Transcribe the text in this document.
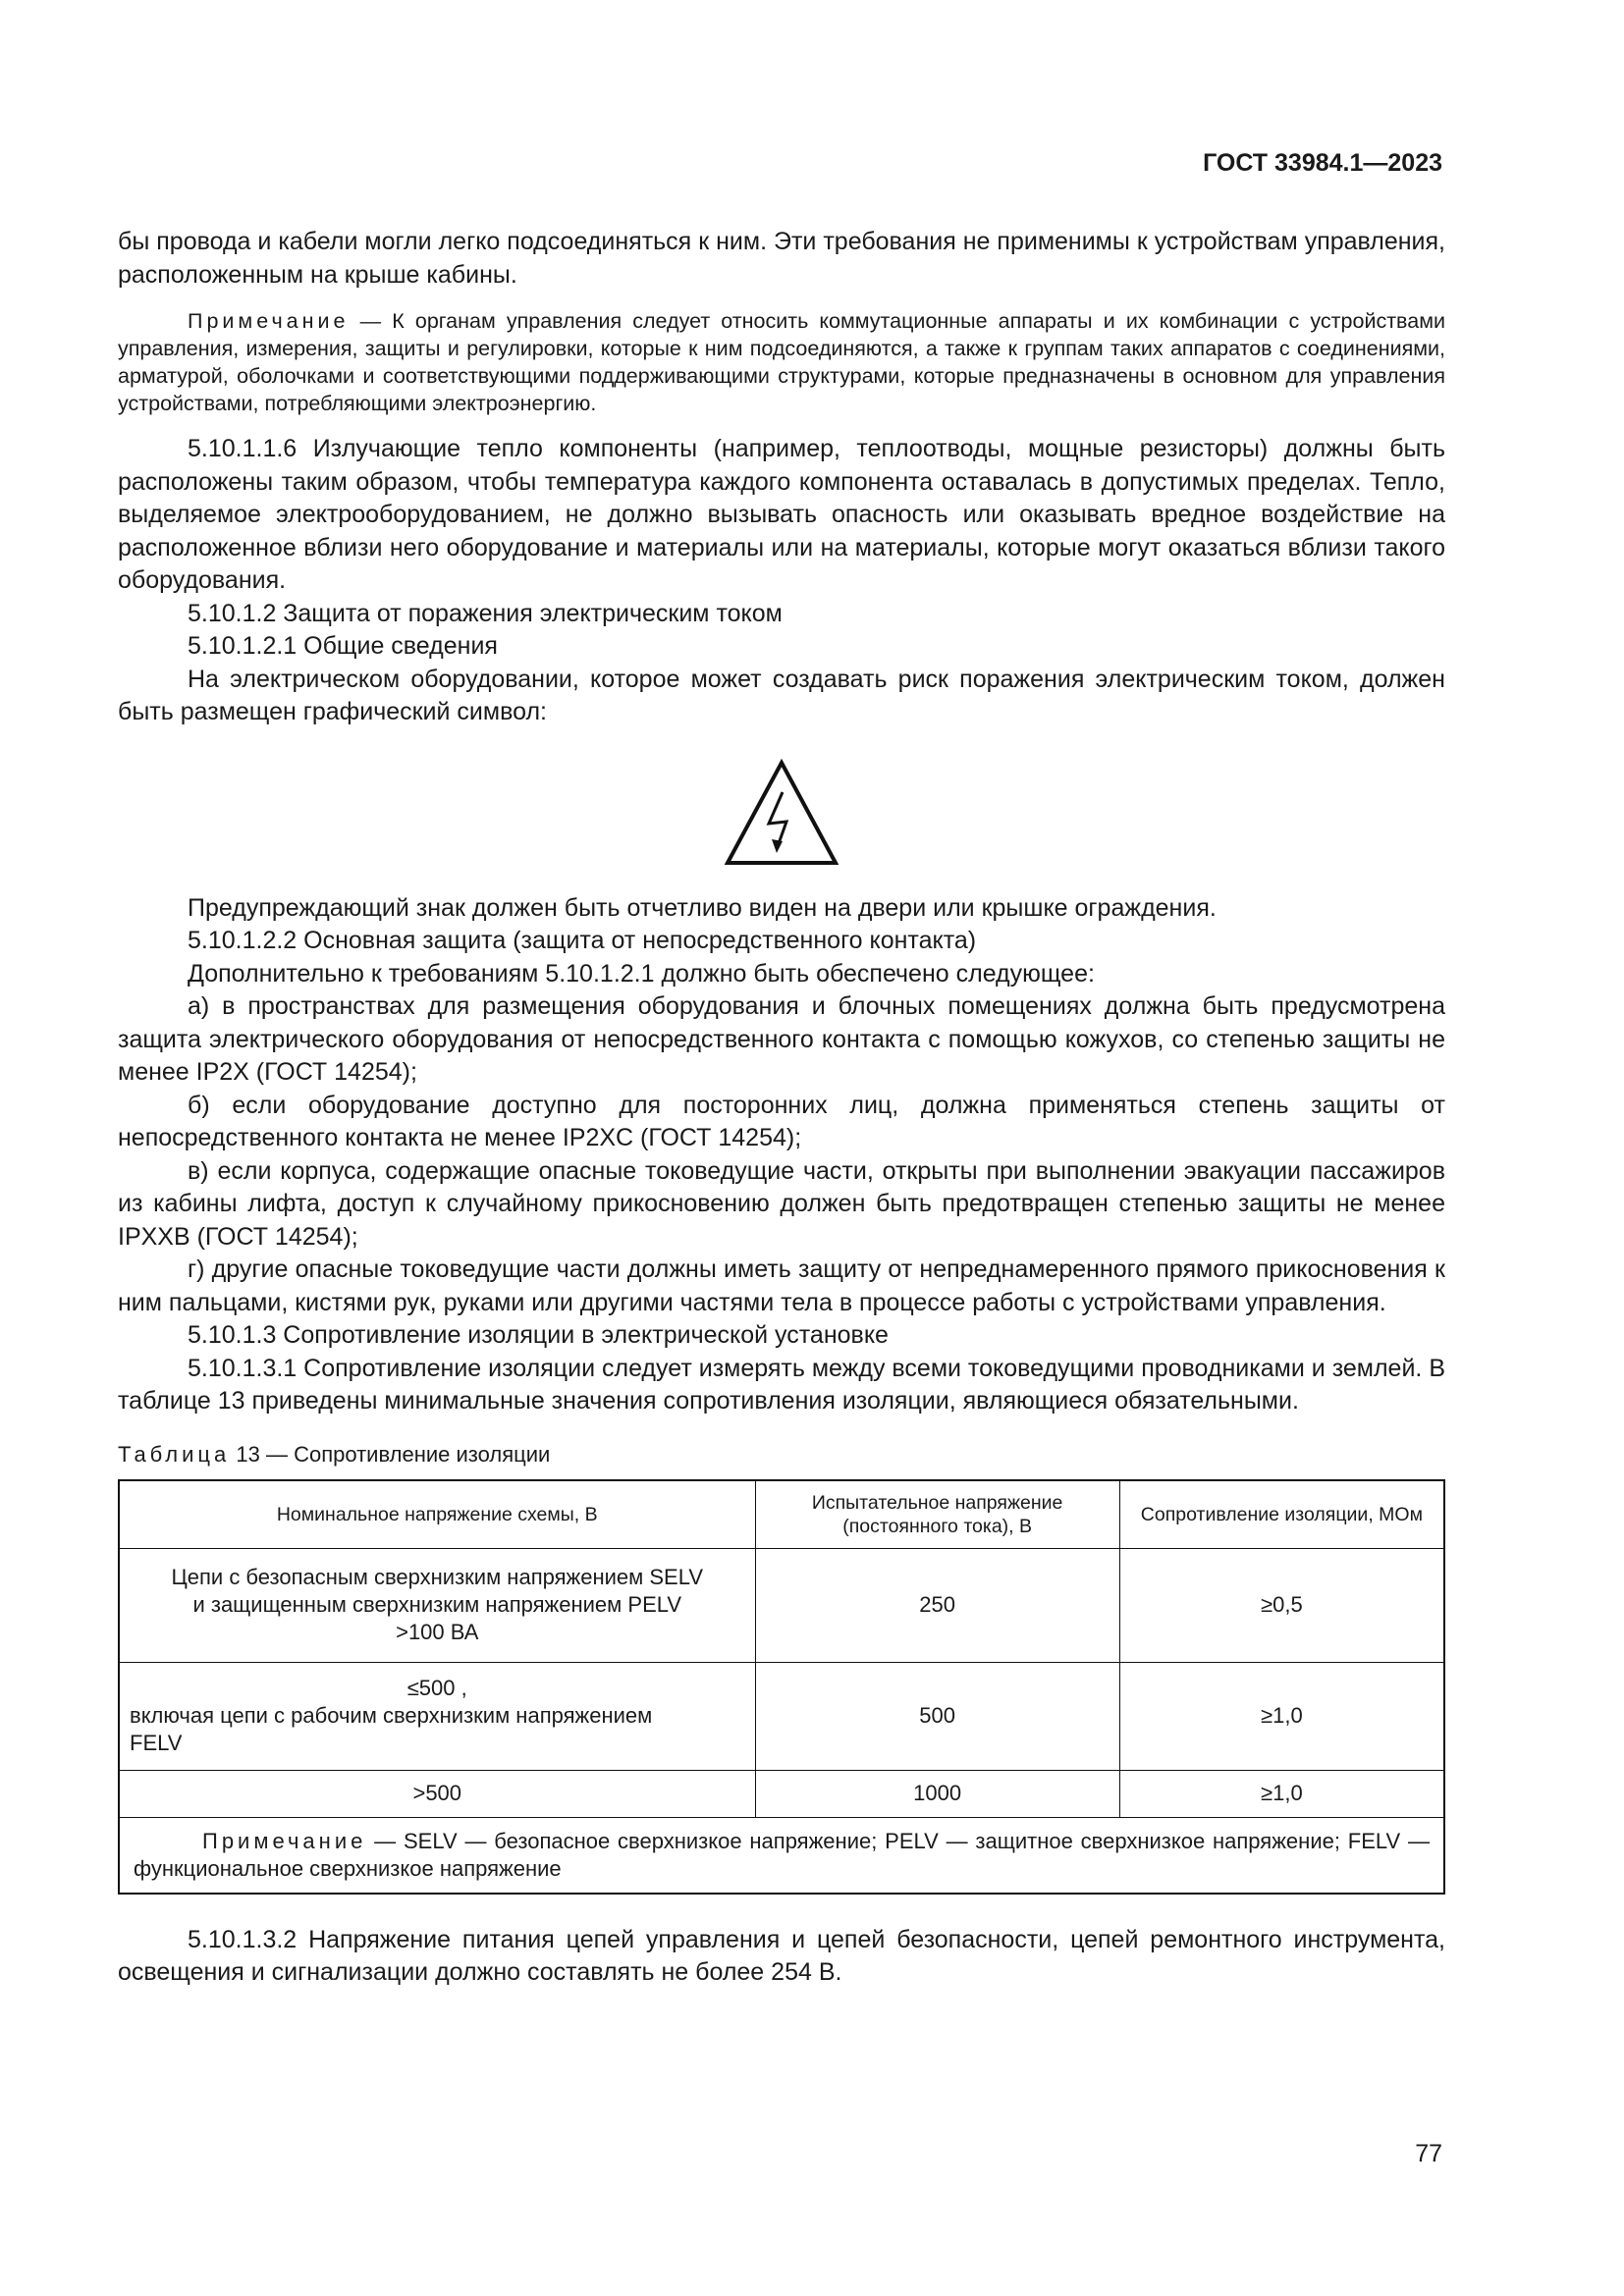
ГОСТ 33984.1—2023

бы провода и кабели могли легко подсоединяться к ним. Эти требования не применимы к устройствам управления, расположенным на крыше кабины.

Примечание — К органам управления следует относить коммутационные аппараты и их комбинации с устройствами управления, измерения, защиты и регулировки, которые к ним подсоединяются, а также к группам таких аппаратов с соединениями, арматурой, оболочками и соответствующими поддерживающими структурами, которые предназначены в основном для управления устройствами, потребляющими электроэнергию.

5.10.1.1.6 Излучающие тепло компоненты (например, теплоотводы, мощные резисторы) должны быть расположены таким образом, чтобы температура каждого компонента оставалась в допустимых пределах. Тепло, выделяемое электрооборудованием, не должно вызывать опасность или оказывать вредное воздействие на расположенное вблизи него оборудование и материалы или на материалы, которые могут оказаться вблизи такого оборудования.

5.10.1.2 Защита от поражения электрическим током

5.10.1.2.1 Общие сведения

На электрическом оборудовании, которое может создавать риск поражения электрическим током, должен быть размещен графический символ:

Предупреждающий знак должен быть отчетливо виден на двери или крышке ограждения.

5.10.1.2.2 Основная защита (защита от непосредственного контакта)

Дополнительно к требованиям 5.10.1.2.1 должно быть обеспечено следующее:

а) в пространствах для размещения оборудования и блочных помещениях должна быть предусмотрена защита электрического оборудования от непосредственного контакта с помощью кожухов, со степенью защиты не менее IP2X (ГОСТ 14254);

б) если оборудование доступно для посторонних лиц, должна применяться степень защиты от непосредственного контакта не менее IP2XC (ГОСТ 14254);

в) если корпуса, содержащие опасные токоведущие части, открыты при выполнении эвакуации пассажиров из кабины лифта, доступ к случайному прикосновению должен быть предотвращен степенью защиты не менее IPXXB (ГОСТ 14254);

г) другие опасные токоведущие части должны иметь защиту от непреднамеренного прямого прикосновения к ним пальцами, кистями рук, руками или другими частями тела в процессе работы с устройствами управления.

5.10.1.3 Сопротивление изоляции в электрической установке

5.10.1.3.1 Сопротивление изоляции следует измерять между всеми токоведущими проводниками и землей. В таблице 13 приведены минимальные значения сопротивления изоляции, являющиеся обязательными.

Таблица 13 — Сопротивление изоляции
Номинальное напряжение схемы, В	Испытательное напряжение (постоянного тока), В	Сопротивление изоляции, МОм

Цепи с безопасным сверхнизким напряжением SELV
и защищенным сверхнизким напряжением PELV
>100 ВА	250	≥0,5

≤500 ,
включая цепи с рабочим сверхнизким напряжением
FELV	500	≥1,0
>500	1000	≥1,0
Примечание — SELV — безопасное сверхнизкое напряжение; PELV — защитное сверхнизкое напряжение; FELV — функциональное сверхнизкое напряжение		

5.10.1.3.2 Напряжение питания цепей управления и цепей безопасности, цепей ремонтного инструмента, освещения и сигнализации должно составлять не более 254 В.

77
